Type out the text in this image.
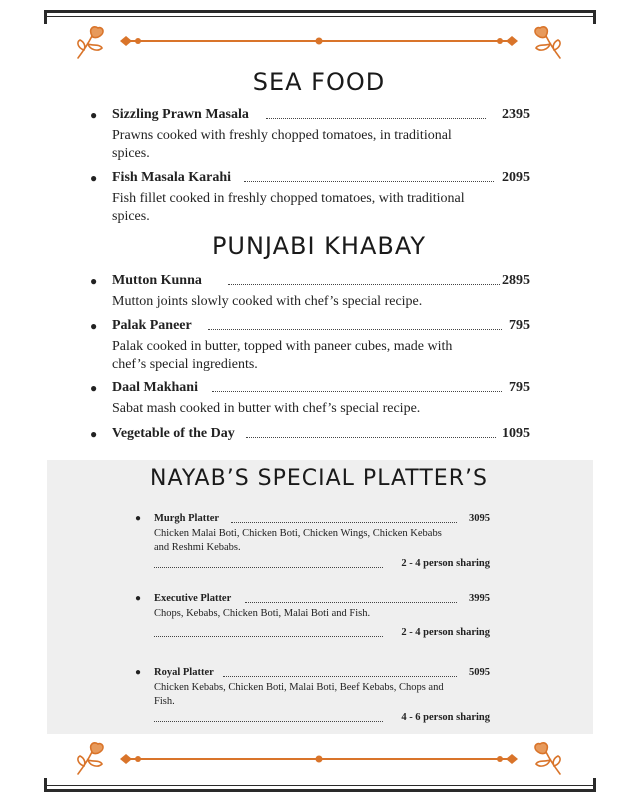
SEA FOOD
● Sizzling Prawn Masala	2395
Prawns cooked with freshly chopped tomatoes, in traditional spices.
● Fish Masala Karahi	2095
Fish fillet cooked in freshly chopped tomatoes, with traditional spices.
PUNJABI KHABAY
● Mutton Kunna	2895
Mutton joints slowly cooked with chef’s special recipe.
● Palak Paneer	795
Palak cooked in butter, topped with paneer cubes, made with chef’s special ingredients.
● Daal Makhani	795
Sabat mash cooked in butter with chef’s special recipe.
● Vegetable of the Day	1095
NAYAB’S SPECIAL PLATTER’S
● Murgh Platter	3095
Chicken Malai Boti, Chicken Boti, Chicken Wings, Chicken Kebabs and Reshmi Kebabs.
2 - 4 person sharing
● Executive Platter	3995
Chops, Kebabs, Chicken Boti, Malai Boti and Fish.
2 - 4 person sharing
● Royal Platter	5095
Chicken Kebabs, Chicken Boti, Malai Boti, Beef Kebabs, Chops and Fish.
4 - 6 person sharing
